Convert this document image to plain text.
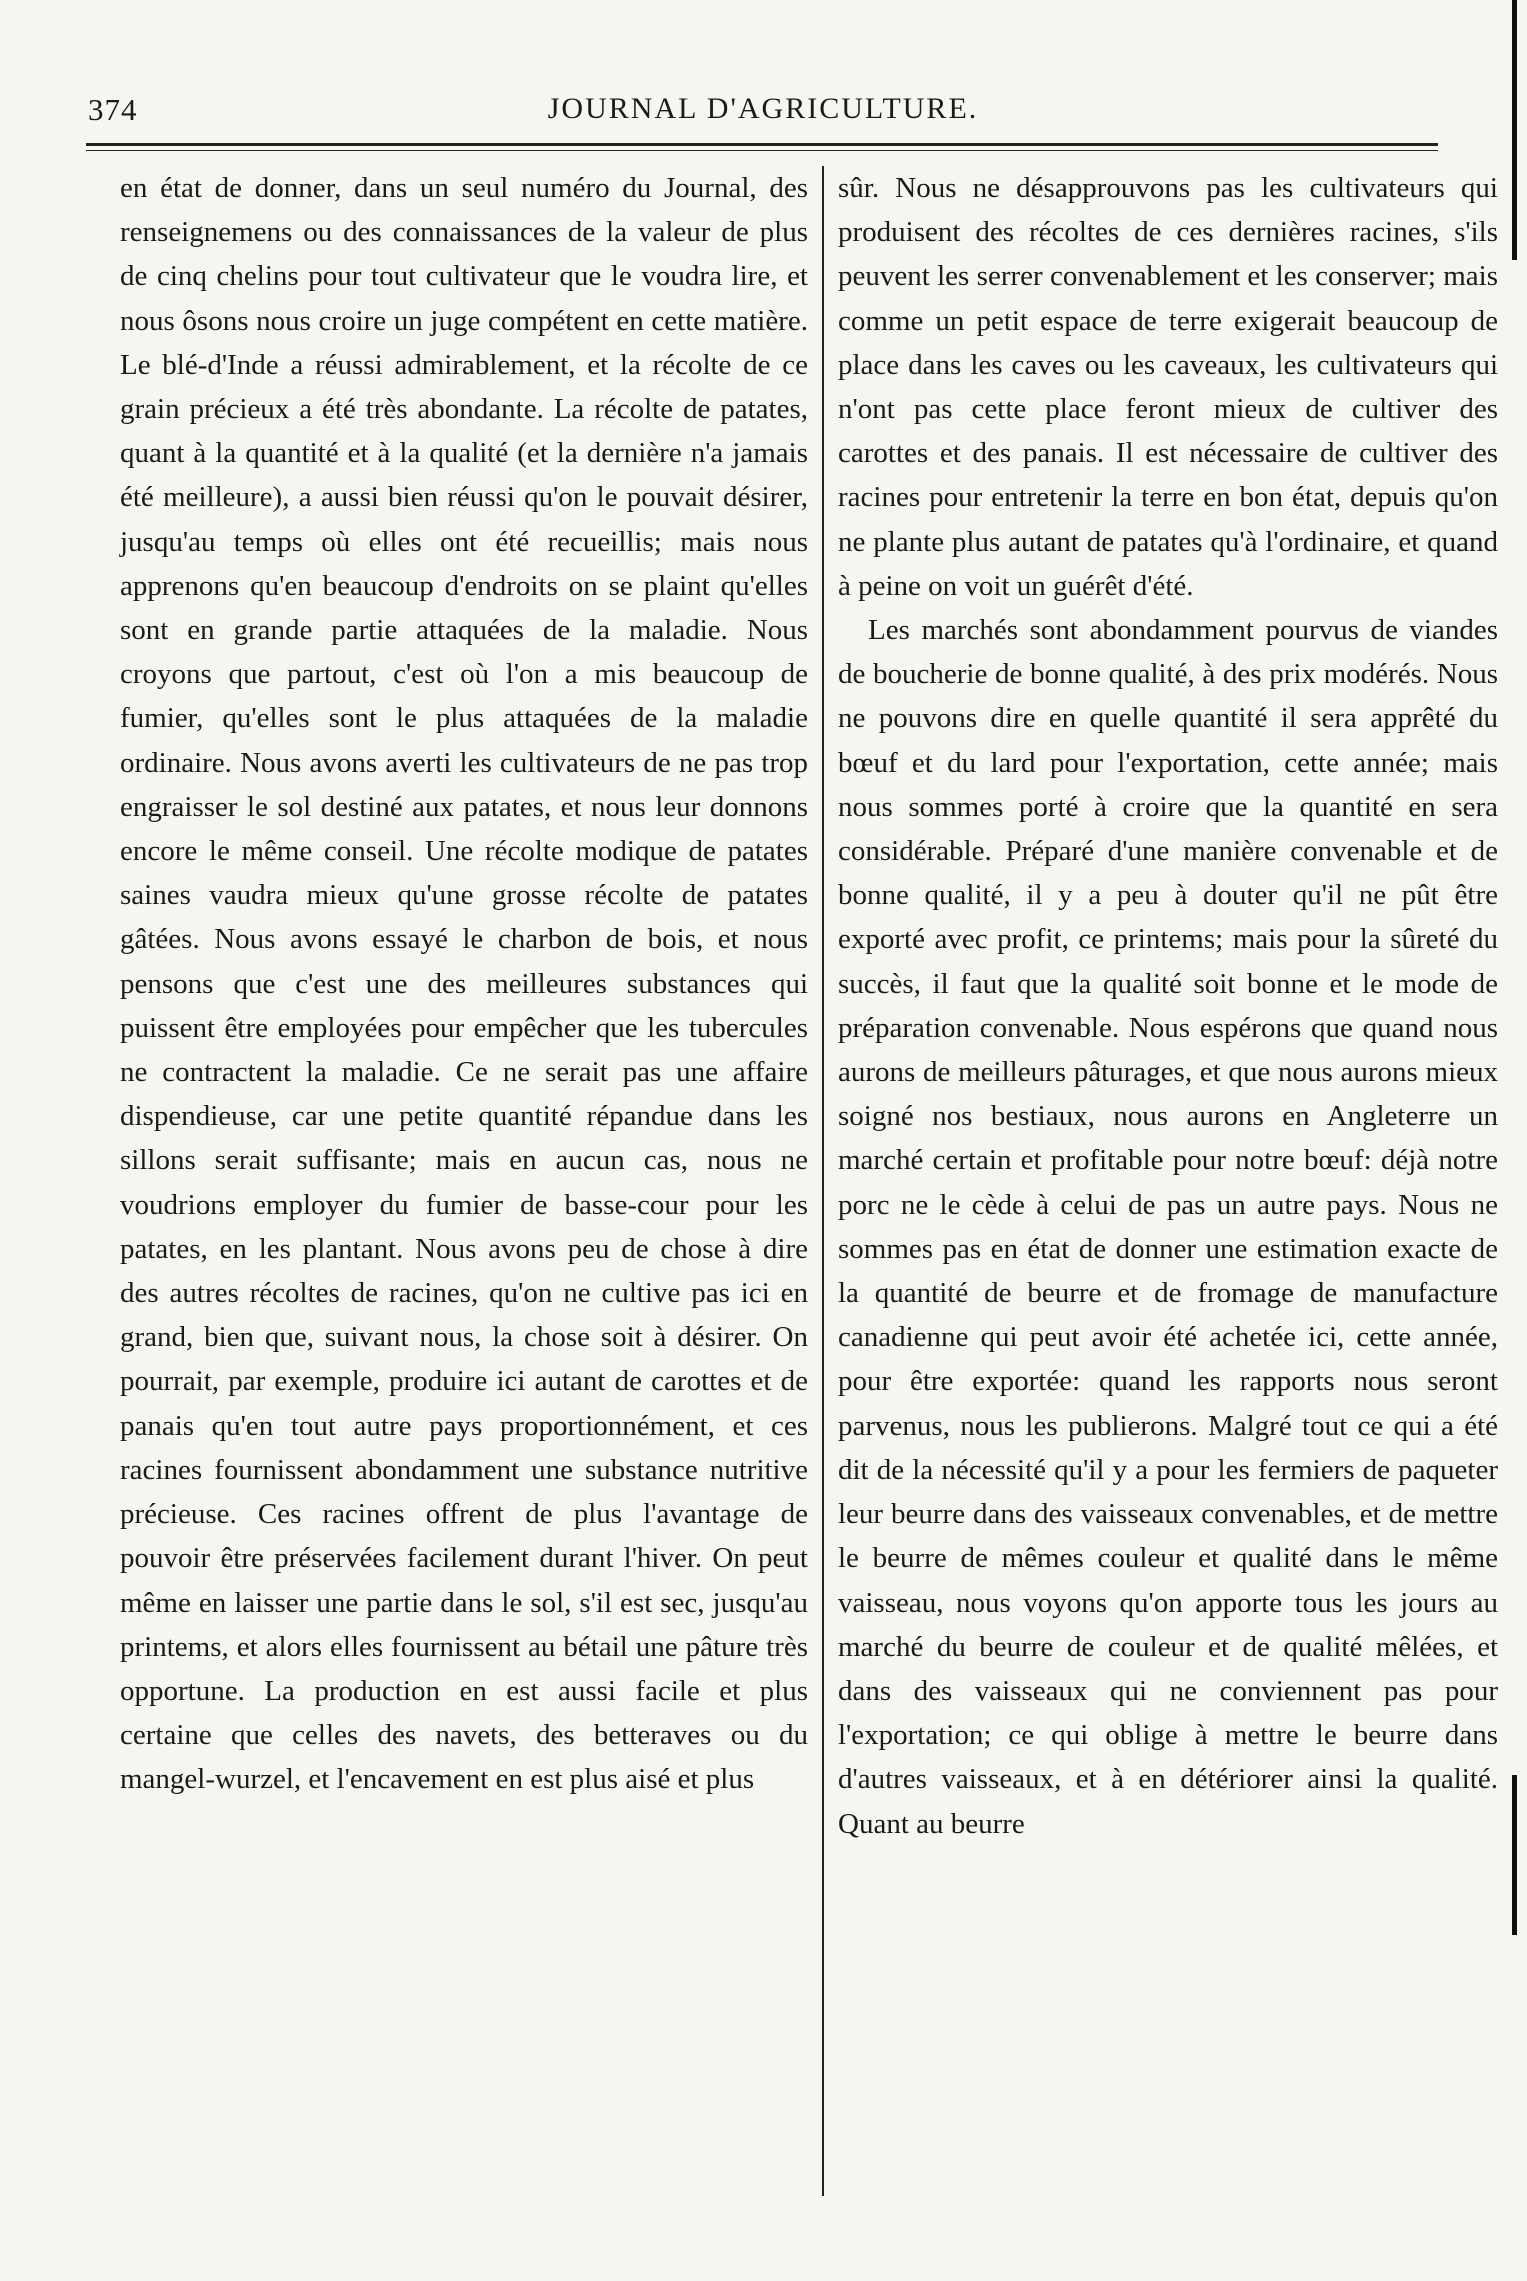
374	JOURNAL D'AGRICULTURE.

en état de donner, dans un seul numéro du Journal, des renseignemens ou des connaissances de la valeur de plus de cinq chelins pour tout cultivateur que le voudra lire, et nous ôsons nous croire un juge compétent en cette matière. Le blé-d'Inde a réussi admirablement, et la récolte de ce grain précieux a été très abondante. La récolte de patates, quant à la quantité et à la qualité (et la dernière n'a jamais été meilleure), a aussi bien réussi qu'on le pouvait désirer, jusqu'au temps où elles ont été recueillis; mais nous apprenons qu'en beaucoup d'endroits on se plaint qu'elles sont en grande partie attaquées de la maladie. Nous croyons que partout, c'est où l'on a mis beaucoup de fumier, qu'elles sont le plus attaquées de la maladie ordinaire. Nous avons averti les cultivateurs de ne pas trop engraisser le sol destiné aux patates, et nous leur donnons encore le même conseil. Une récolte modique de patates saines vaudra mieux qu'une grosse récolte de patates gâtées. Nous avons essayé le charbon de bois, et nous pensons que c'est une des meilleures substances qui puissent être employées pour empêcher que les tubercules ne contractent la maladie. Ce ne serait pas une affaire dispendieuse, car une petite quantité répandue dans les sillons serait suffisante; mais en aucun cas, nous ne voudrions employer du fumier de basse-cour pour les patates, en les plantant. Nous avons peu de chose à dire des autres récoltes de racines, qu'on ne cultive pas ici en grand, bien que, suivant nous, la chose soit à désirer. On pourrait, par exemple, produire ici autant de carottes et de panais qu'en tout autre pays proportionnément, et ces racines fournissent abondamment une substance nutritive précieuse. Ces racines offrent de plus l'avantage de pouvoir être préservées facilement durant l'hiver. On peut même en laisser une partie dans le sol, s'il est sec, jusqu'au printems, et alors elles fournissent au bétail une pâture très opportune. La production en est aussi facile et plus certaine que celles des navets, des betteraves ou du mangel-wurzel, et l'encavement en est plus aisé et plus

sûr. Nous ne désapprouvons pas les cultivateurs qui produisent des récoltes de ces dernières racines, s'ils peuvent les serrer convenablement et les conserver; mais comme un petit espace de terre exigerait beaucoup de place dans les caves ou les caveaux, les cultivateurs qui n'ont pas cette place feront mieux de cultiver des carottes et des panais. Il est nécessaire de cultiver des racines pour entretenir la terre en bon état, depuis qu'on ne plante plus autant de patates qu'à l'ordinaire, et quand à peine on voit un guérêt d'été.

Les marchés sont abondamment pourvus de viandes de boucherie de bonne qualité, à des prix modérés. Nous ne pouvons dire en quelle quantité il sera apprêté du bœuf et du lard pour l'exportation, cette année; mais nous sommes porté à croire que la quantité en sera considérable. Préparé d'une manière convenable et de bonne qualité, il y a peu à douter qu'il ne pût être exporté avec profit, ce printems; mais pour la sûreté du succès, il faut que la qualité soit bonne et le mode de préparation convenable. Nous espérons que quand nous aurons de meilleurs pâturages, et que nous aurons mieux soigné nos bestiaux, nous aurons en Angleterre un marché certain et profitable pour notre bœuf: déjà notre porc ne le cède à celui de pas un autre pays. Nous ne sommes pas en état de donner une estimation exacte de la quantité de beurre et de fromage de manufacture canadienne qui peut avoir été achetée ici, cette année, pour être exportée: quand les rapports nous seront parvenus, nous les publierons. Malgré tout ce qui a été dit de la nécessité qu'il y a pour les fermiers de paqueter leur beurre dans des vaisseaux convenables, et de mettre le beurre de mêmes couleur et qualité dans le même vaisseau, nous voyons qu'on apporte tous les jours au marché du beurre de couleur et de qualité mêlées, et dans des vaisseaux qui ne conviennent pas pour l'exportation; ce qui oblige à mettre le beurre dans d'autres vaisseaux, et à en détériorer ainsi la qualité. Quant au beurre
